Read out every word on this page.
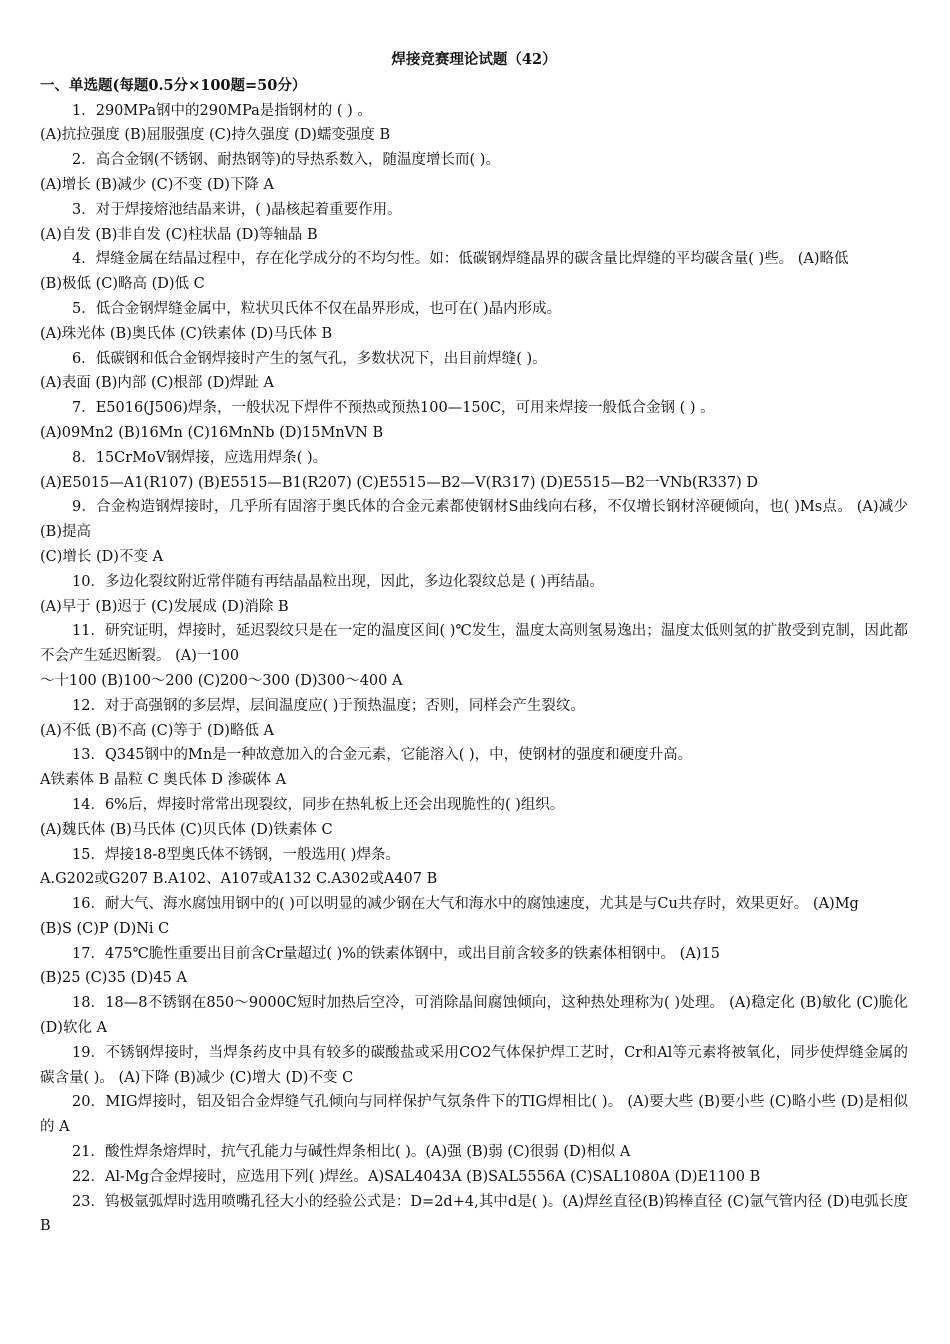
焊接竞赛理论试题（42）

一、单选题(每题0.5分×100题=50分）

1．290MPa钢中的290MPa是指钢材的 ( ) 。

(A)抗拉强度 (B)屈服强度 (C)持久强度 (D)蠕变强度 B

2．高合金钢(不锈钢、耐热钢等)的导热系数入，随温度增长而( )。

(A)增长 (B)减少 (C)不变 (D)下降 A

3．对于焊接熔池结晶来讲，( )晶核起着重要作用。

(A)自发 (B)非自发 (C)柱状晶 (D)等轴晶 B

4．焊缝金属在结晶过程中，存在化学成分的不均匀性。如：低碳钢焊缝晶界的碳含量比焊缝的平均碳含量( )些。 (A)略低

(B)极低 (C)略高 (D)低 C

5．低合金钢焊缝金属中，粒状贝氏体不仅在晶界形成，也可在( )晶内形成。

(A)珠光体 (B)奥氏体 (C)铁素体 (D)马氏体 B

6．低碳钢和低合金钢焊接时产生的氢气孔，多数状况下，出目前焊缝( )。

(A)表面 (B)内部 (C)根部 (D)焊趾 A

7．E5016(J506)焊条，一般状况下焊件不预热或预热100—150C，可用来焊接一般低合金钢 ( ) 。

(A)09Mn2 (B)16Mn (C)16MnNb (D)15MnVN B

8．15CrMoV钢焊接，应选用焊条( )。

(A)E5015—A1(R107) (B)E5515—B1(R207) (C)E5515—B2—V(R317) (D)E5515—B2一VNb(R337) D

9．合金构造钢焊接时，几乎所有固溶于奥氏体的合金元素都使钢材S曲线向右移，不仅增长钢材淬硬倾向，也( )Ms点。 (A)减少 (B)提高

(C)增长 (D)不变 A

10．多边化裂纹附近常伴随有再结晶晶粒出现，因此，多边化裂纹总是 ( )再结晶。

(A)早于 (B)迟于 (C)发展成 (D)消除 B

11．研究证明，焊接时，延迟裂纹只是在一定的温度区间( )℃发生，温度太高则氢易逸出；温度太低则氢的扩散受到克制，因此都不会产生延迟断裂。 (A)一100

～十100 (B)100～200 (C)200～300 (D)300～400 A

12．对于高强钢的多层焊，层间温度应( )于预热温度；否则，同样会产生裂纹。

(A)不低 (B)不高 (C)等于 (D)略低 A

13．Q345钢中的Mn是一种故意加入的合金元素，它能溶入( )，中，使钢材的强度和硬度升高。

A铁素体 B 晶粒 C 奥氏体 D 渗碳体 A

14．6%后，焊接时常常出现裂纹，同步在热轧板上还会出现脆性的( )组织。

(A)魏氏体 (B)马氏体 (C)贝氏体 (D)铁素体 C

15．焊接18-8型奥氏体不锈钢，一般选用( )焊条。

A.G202或G207 B.A102、A107或A132 C.A302或A407 B

16．耐大气、海水腐蚀用钢中的( )可以明显的减少钢在大气和海水中的腐蚀速度，尤其是与Cu共存时，效果更好。 (A)Mg

(B)S (C)P (D)Ni C

17．475℃脆性重要出目前含Cr量超过( )%的铁素体钢中，或出目前含较多的铁素体相钢中。 (A)15

(B)25 (C)35 (D)45 A

18．18—8不锈钢在850～9000C短时加热后空冷，可消除晶间腐蚀倾向，这种热处理称为( )处理。 (A)稳定化 (B)敏化 (C)脆化 (D)软化 A

19．不锈钢焊接时，当焊条药皮中具有较多的碳酸盐或采用CO2气体保护焊工艺时，Cr和Al等元素将被氧化，同步使焊缝金属的碳含量( )。 (A)下降 (B)减少 (C)增大 (D)不变 C

20．MIG焊接时，铝及铝合金焊缝气孔倾向与同样保护气氛条件下的TIG焊相比( )。 (A)要大些 (B)要小些 (C)略小些 (D)是相似的 A

21．酸性焊条熔焊时，抗气孔能力与碱性焊条相比( )。(A)强 (B)弱 (C)很弱 (D)相似 A

22．Al-Mg合金焊接时，应选用下列( )焊丝。A)SAL4043A (B)SAL5556A (C)SAL1080A (D)E1100 B

23．钨极氩弧焊时选用喷嘴孔径大小的经验公式是：D=2d+4,其中d是( )。(A)焊丝直径(B)钨棒直径 (C)氩气管内径 (D)电弧长度 B
